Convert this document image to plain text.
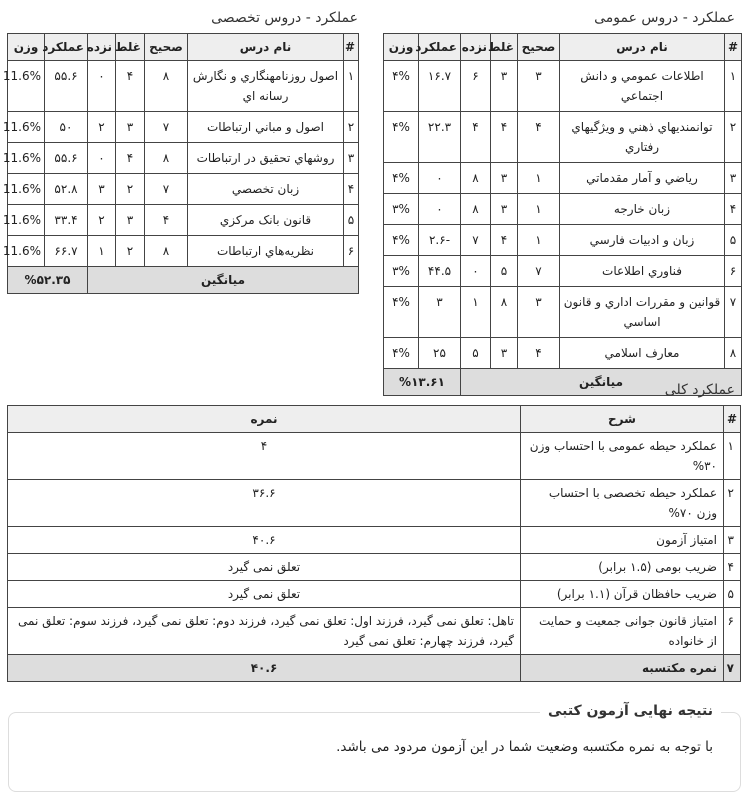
عملکرد - دروس عمومی
#	نام درس	صحیح	غلط	نزده	عملکرد	وزن
۱	اطلاعات عمومي و دانش اجتماعي	۳	۳	۶	۱۶.۷	۴%
۲	توانمنديهاي ذهني و ويژگيهاي رفتاري	۴	۴	۴	۲۲.۳	۴%
۳	رياضي و آمار مقدماتي	۱	۳	۸	۰	۴%
۴	زبان خارجه	۱	۳	۸	۰	۳%
۵	زبان و ادبيات فارسي	۱	۴	۷	-۲.۶	۴%
۶	فناوري اطلاعات	۷	۵	۰	۴۴.۵	۳%
۷	قوانين و مقررات اداري و قانون اساسي	۳	۸	۱	۳	۴%
۸	معارف اسلامي	۴	۳	۵	۲۵	۴%
میانگین					%۱۳.۶۱	
عملکرد - دروس تخصصی
#	نام درس	صحیح	غلط	نزده	عملکرد	وزن
۱	اصول روزنامهنگاري و نگارش رسانه اي	۸	۴	۰	۵۵.۶	11.6%
۲	اصول و مباني ارتباطات	۷	۳	۲	۵۰	11.6%
۳	روشهاي تحقيق در ارتباطات	۸	۴	۰	۵۵.۶	11.6%
۴	زبان تخصصي	۷	۲	۳	۵۲.۸	11.6%
۵	قانون بانک مرکزي	۴	۳	۲	۳۳.۴	11.6%
۶	نظريه‌هاي ارتباطات	۸	۲	۱	۶۶.۷	11.6%
میانگین					%۵۲.۳۵	
عملکرد کلی
#	شرح	نمره
۱	عملکرد حیطه عمومی با احتساب وزن ۳۰%	۴
۲	عملکرد حیطه تخصصی با احتساب وزن ۷۰%	۳۶.۶
۳	امتیاز آزمون	۴۰.۶
۴	ضریب بومی (۱.۵ برابر)	تعلق نمی گیرد
۵	ضریب حافظان قرآن (۱.۱ برابر)	تعلق نمی گیرد
۶	امتیاز قانون جوانی جمعیت و حمایت از خانواده	تاهل: تعلق نمی گیرد، فرزند اول: تعلق نمی گیرد، فرزند دوم: تعلق نمی گیرد، فرزند سوم: تعلق نمی گیرد، فرزند چهارم: تعلق نمی گیرد
۷	نمره مکتسبه	۴۰.۶
نتیجه نهایی آزمون کتبی
با توجه به نمره مکتسبه وضعیت شما در این آزمون مردود می باشد.
